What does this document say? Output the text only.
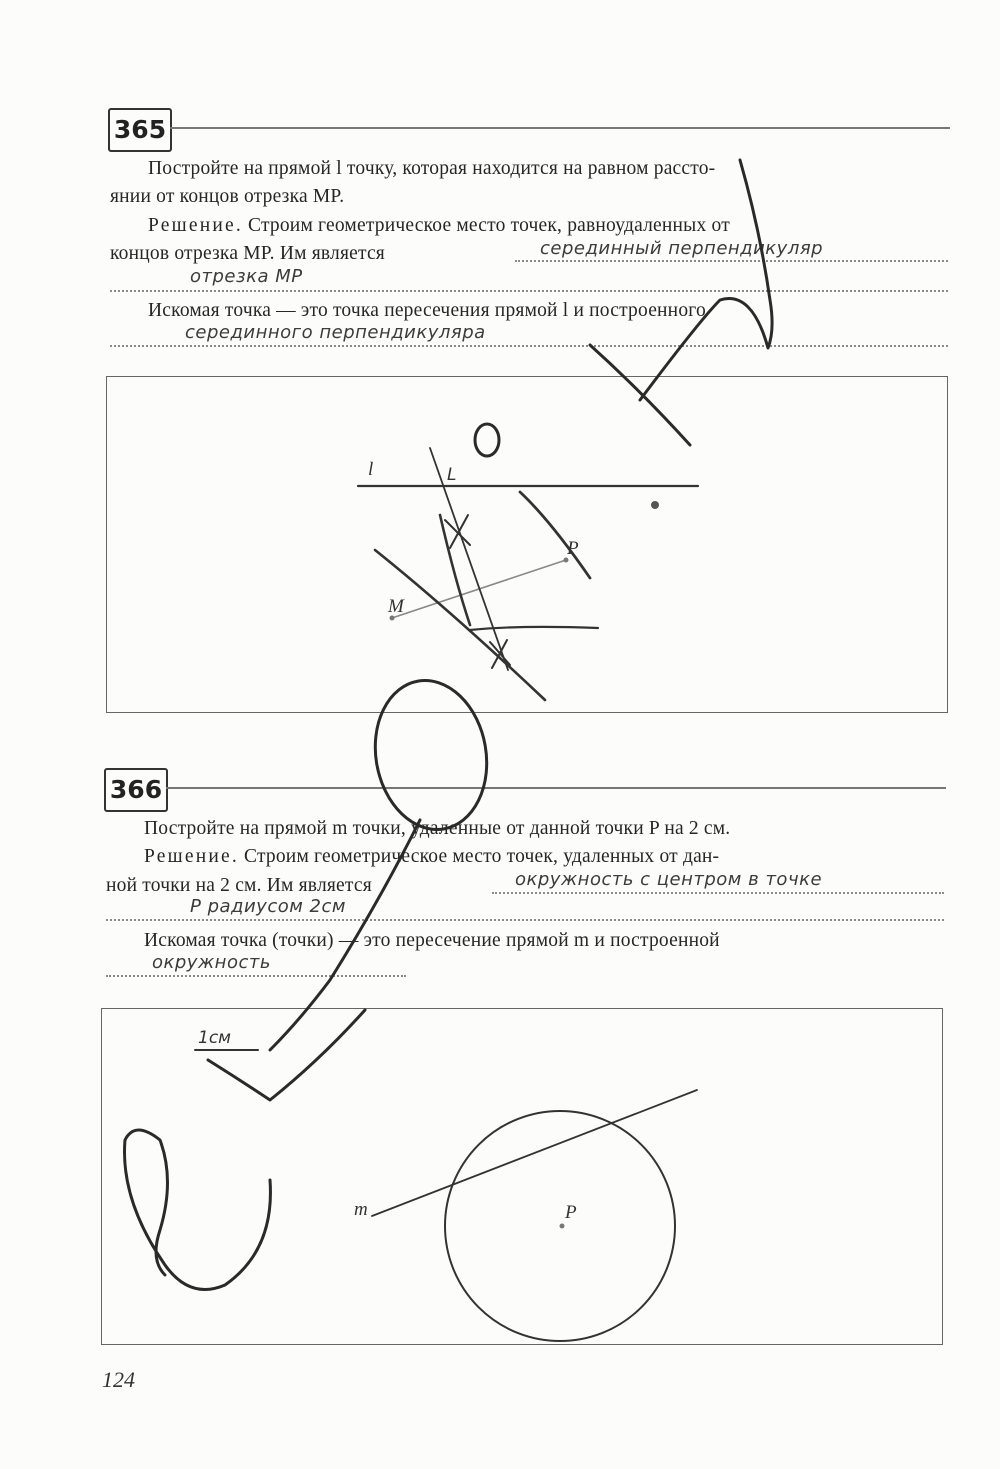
365
Постройте на прямой l точку, которая находится на равном рассто-
янии от концов отрезка MP.
Решение. Строим геометрическое место точек, равноудаленных от
концов отрезка MP. Им является	серединный перпендикуляр
отрезка МР
Искомая точка — это точка пересечения прямой l и построенного
серединного перпендикуляра
366
Постройте на прямой m точки, удаленные от данной точки P на 2 см.
Решение. Строим геометрическое место точек, удаленных от дан-
ной точки на 2 см. Им является	окружность с центром в точке
Р радиусом 2см
Искомая точка (точки) — это пересечение прямой m и построенной
окружность
124
l	L
M
P
1см
m	P
